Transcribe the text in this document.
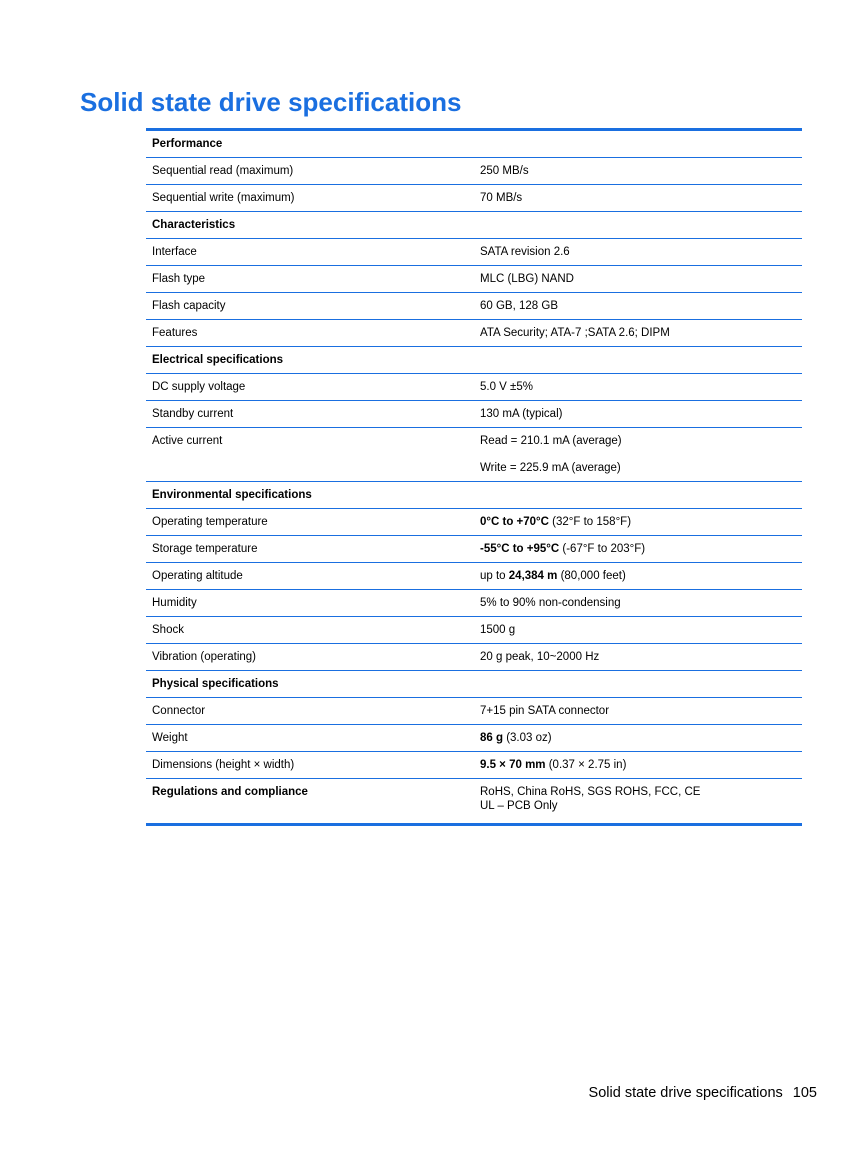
Solid state drive specifications
Performance
Sequential read (maximum)	250 MB/s
Sequential write (maximum)	70 MB/s
Characteristics
Interface	SATA revision 2.6
Flash type	MLC (LBG) NAND
Flash capacity	60 GB, 128 GB
Features	ATA Security; ATA-7 ;SATA 2.6; DIPM
Electrical specifications
DC supply voltage	5.0 V ±5%
Standby current	130 mA (typical)
Active current	Read = 210.1 mA (average)
Write = 225.9 mA (average)
Environmental specifications
Operating temperature	0°C to +70°C (32°F to 158°F)
Storage temperature	-55°C to +95°C (-67°F to 203°F)
Operating altitude	up to 24,384 m (80,000 feet)
Humidity	5% to 90% non-condensing
Shock	1500 g
Vibration (operating)	20 g peak, 10~2000 Hz
Physical specifications
Connector	7+15 pin SATA connector
Weight	86 g (3.03 oz)
Dimensions (height × width)	9.5 × 70 mm (0.37 × 2.75 in)
Regulations and compliance	RoHS, China RoHS, SGS ROHS, FCC, CE
UL – PCB Only
Solid state drive specifications 105
